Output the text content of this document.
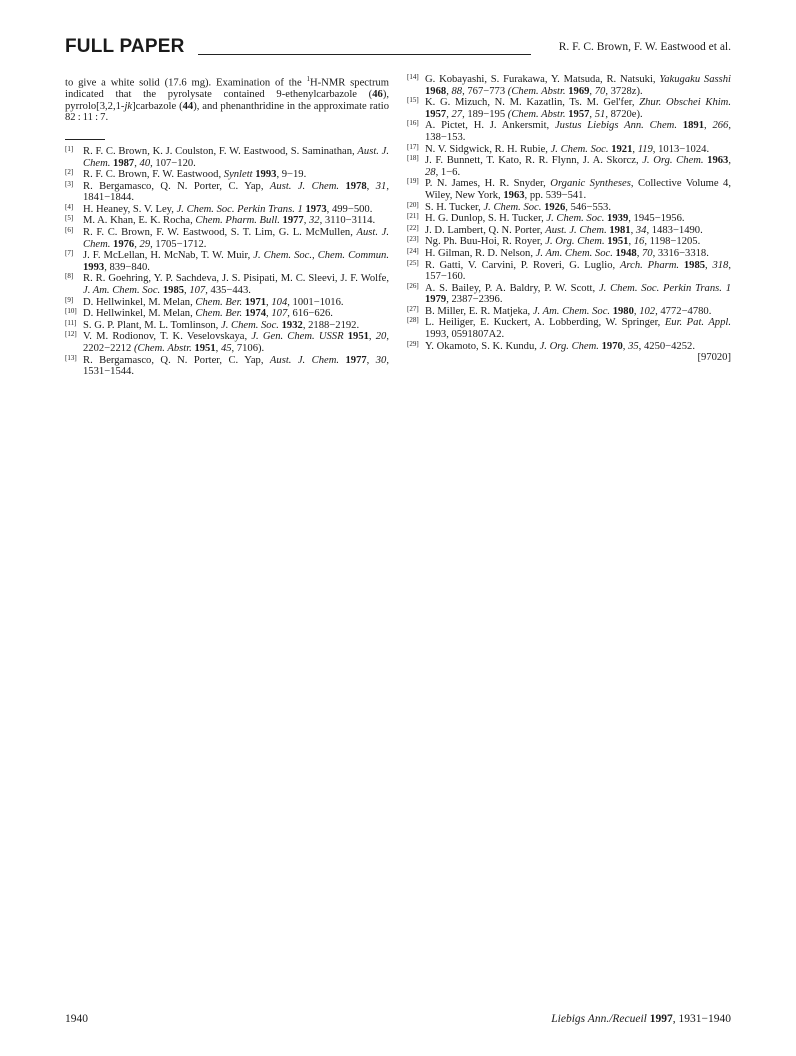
FULL PAPER	R. F. C. Brown, F. W. Eastwood et al.

to give a white solid (17.6 mg). Examination of the $^1$H-NMR spectrum indicated that the pyrolysate contained 9-ethenylcarbazole (46), pyrrolo[3,2,1-jk]carbazole (44), and phenanthridine in the approximate ratio 82 : 11 : 7.

[1] R. F. C. Brown, K. J. Coulston, F. W. Eastwood, S. Saminathan, Aust. J. Chem. 1987, 40, 107−120.

[2] R. F. C. Brown, F. W. Eastwood, Synlett 1993, 9−19.

[3] R. Bergamasco, Q. N. Porter, C. Yap, Aust. J. Chem. 1978, 31, 1841−1844.

[4] H. Heaney, S. V. Ley, J. Chem. Soc. Perkin Trans. 1 1973, 499−500.

[5] M. A. Khan, E. K. Rocha, Chem. Pharm. Bull. 1977, 32, 3110−3114.

[6] R. F. C. Brown, F. W. Eastwood, S. T. Lim, G. L. McMullen, Aust. J. Chem. 1976, 29, 1705−1712.

[7] J. F. McLellan, H. McNab, T. W. Muir, J. Chem. Soc., Chem. Commun. 1993, 839−840.

[8] R. R. Goehring, Y. P. Sachdeva, J. S. Pisipati, M. C. Sleevi, J. F. Wolfe, J. Am. Chem. Soc. 1985, 107, 435−443.

[9] D. Hellwinkel, M. Melan, Chem. Ber. 1971, 104, 1001−1016.

[10] D. Hellwinkel, M. Melan, Chem. Ber. 1974, 107, 616−626.

[11] S. G. P. Plant, M. L. Tomlinson, J. Chem. Soc. 1932, 2188−2192.

[12] V. M. Rodionov, T. K. Veselovskaya, J. Gen. Chem. USSR 1951, 20, 2202−2212 (Chem. Abstr. 1951, 45, 7106).

[13] R. Bergamasco, Q. N. Porter, C. Yap, Aust. J. Chem. 1977, 30, 1531−1544.

[14] G. Kobayashi, S. Furakawa, Y. Matsuda, R. Natsuki, Yakugaku Sasshi 1968, 88, 767−773 (Chem. Abstr. 1969, 70, 3728z).

[15] K. G. Mizuch, N. M. Kazatlin, Ts. M. Gel'fer, Zhur. Obschei Khim. 1957, 27, 189−195 (Chem. Abstr. 1957, 51, 8720e).

[16] A. Pictet, H. J. Ankersmit, Justus Liebigs Ann. Chem. 1891, 266, 138−153.

[17] N. V. Sidgwick, R. H. Rubie, J. Chem. Soc. 1921, 119, 1013−1024.

[18] J. F. Bunnett, T. Kato, R. R. Flynn, J. A. Skorcz, J. Org. Chem. 1963, 28, 1−6.

[19] P. N. James, H. R. Snyder, Organic Syntheses, Collective Volume 4, Wiley, New York, 1963, pp. 539−541.

[20] S. H. Tucker, J. Chem. Soc. 1926, 546−553.

[21] H. G. Dunlop, S. H. Tucker, J. Chem. Soc. 1939, 1945−1956.

[22] J. D. Lambert, Q. N. Porter, Aust. J. Chem. 1981, 34, 1483−1490.

[23] Ng. Ph. Buu-Hoi, R. Royer, J. Org. Chem. 1951, 16, 1198−1205.

[24] H. Gilman, R. D. Nelson, J. Am. Chem. Soc. 1948, 70, 3316−3318.

[25] R. Gatti, V. Carvini, P. Roveri, G. Luglio, Arch. Pharm. 1985, 318, 157−160.

[26] A. S. Bailey, P. A. Baldry, P. W. Scott, J. Chem. Soc. Perkin Trans. 1 1979, 2387−2396.

[27] B. Miller, E. R. Matjeka, J. Am. Chem. Soc. 1980, 102, 4772−4780.

[28] L. Heiliger, E. Kuckert, A. Lobberding, W. Springer, Eur. Pat. Appl. 1993, 0591807A2.

[29] Y. Okamoto, S. K. Kundu, J. Org. Chem. 1970, 35, 4250−4252.

[97020]

1940	Liebigs Ann./Recueil 1997, 1931−1940
